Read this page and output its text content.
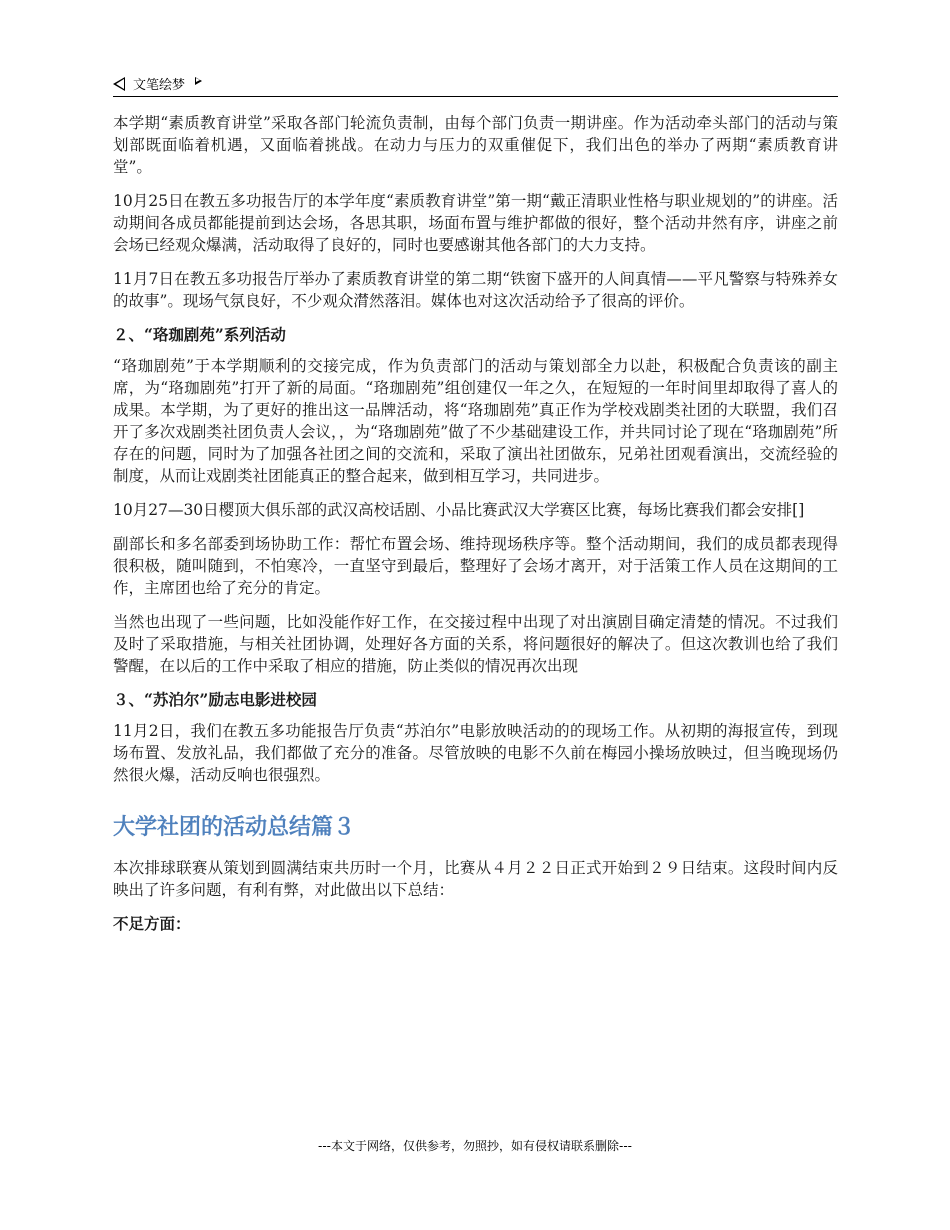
文笔绘梦

本学期“素质教育讲堂”采取各部门轮流负责制，由每个部门负责一期讲座。作为活动牵头部门的活动与策划部既面临着机遇，又面临着挑战。在动力与压力的双重催促下，我们出色的举办了两期“素质教育讲堂”。

10月25日在教五多功报告厅的本学年度“素质教育讲堂”第一期“戴正清职业性格与职业规划的”的讲座。活动期间各成员都能提前到达会场，各思其职，场面布置与维护都做的很好，整个活动井然有序，讲座之前会场已经观众爆满，活动取得了良好的，同时也要感谢其他各部门的大力支持。

11月7日在教五多功报告厅举办了素质教育讲堂的第二期“铁窗下盛开的人间真情——平凡警察与特殊养女的故事”。现场气氛良好，不少观众潸然落泪。媒体也对这次活动给予了很高的评价。

２、“珞珈剧苑”系列活动

“珞珈剧苑”于本学期顺利的交接完成，作为负责部门的活动与策划部全力以赴，积极配合负责该的副主席，为“珞珈剧苑”打开了新的局面。“珞珈剧苑”组创建仅一年之久，在短短的一年时间里却取得了喜人的成果。本学期，为了更好的推出这一品牌活动，将“珞珈剧苑”真正作为学校戏剧类社团的大联盟，我们召开了多次戏剧类社团负责人会议，，为“珞珈剧苑”做了不少基础建设工作，并共同讨论了现在“珞珈剧苑”所存在的问题，同时为了加强各社团之间的交流和，采取了演出社团做东，兄弟社团观看演出，交流经验的制度，从而让戏剧类社团能真正的整合起来，做到相互学习，共同进步。

10月27—30日樱顶大俱乐部的武汉高校话剧、小品比赛武汉大学赛区比赛，每场比赛我们都会安排[]

副部长和多名部委到场协助工作：帮忙布置会场、维持现场秩序等。整个活动期间，我们的成员都表现得很积极，随叫随到，不怕寒冷，一直坚守到最后，整理好了会场才离开，对于活策工作人员在这期间的工作，主席团也给了充分的肯定。

当然也出现了一些问题，比如没能作好工作，在交接过程中出现了对出演剧目确定清楚的情况。不过我们及时了采取措施，与相关社团协调，处理好各方面的关系，将问题很好的解决了。但这次教训也给了我们警醒，在以后的工作中采取了相应的措施，防止类似的情况再次出现

３、“苏泊尔”励志电影进校园

11月2日，我们在教五多功能报告厅负责“苏泊尔”电影放映活动的的现场工作。从初期的海报宣传，到现场布置、发放礼品，我们都做了充分的准备。尽管放映的电影不久前在梅园小操场放映过，但当晚现场仍然很火爆，活动反响也很强烈。

大学社团的活动总结篇３

本次排球联赛从策划到圆满结束共历时一个月，比赛从４月２２日正式开始到２９日结束。这段时间内反映出了许多问题，有利有弊，对此做出以下总结：

不足方面：

---本文于网络，仅供参考，勿照抄，如有侵权请联系删除---
